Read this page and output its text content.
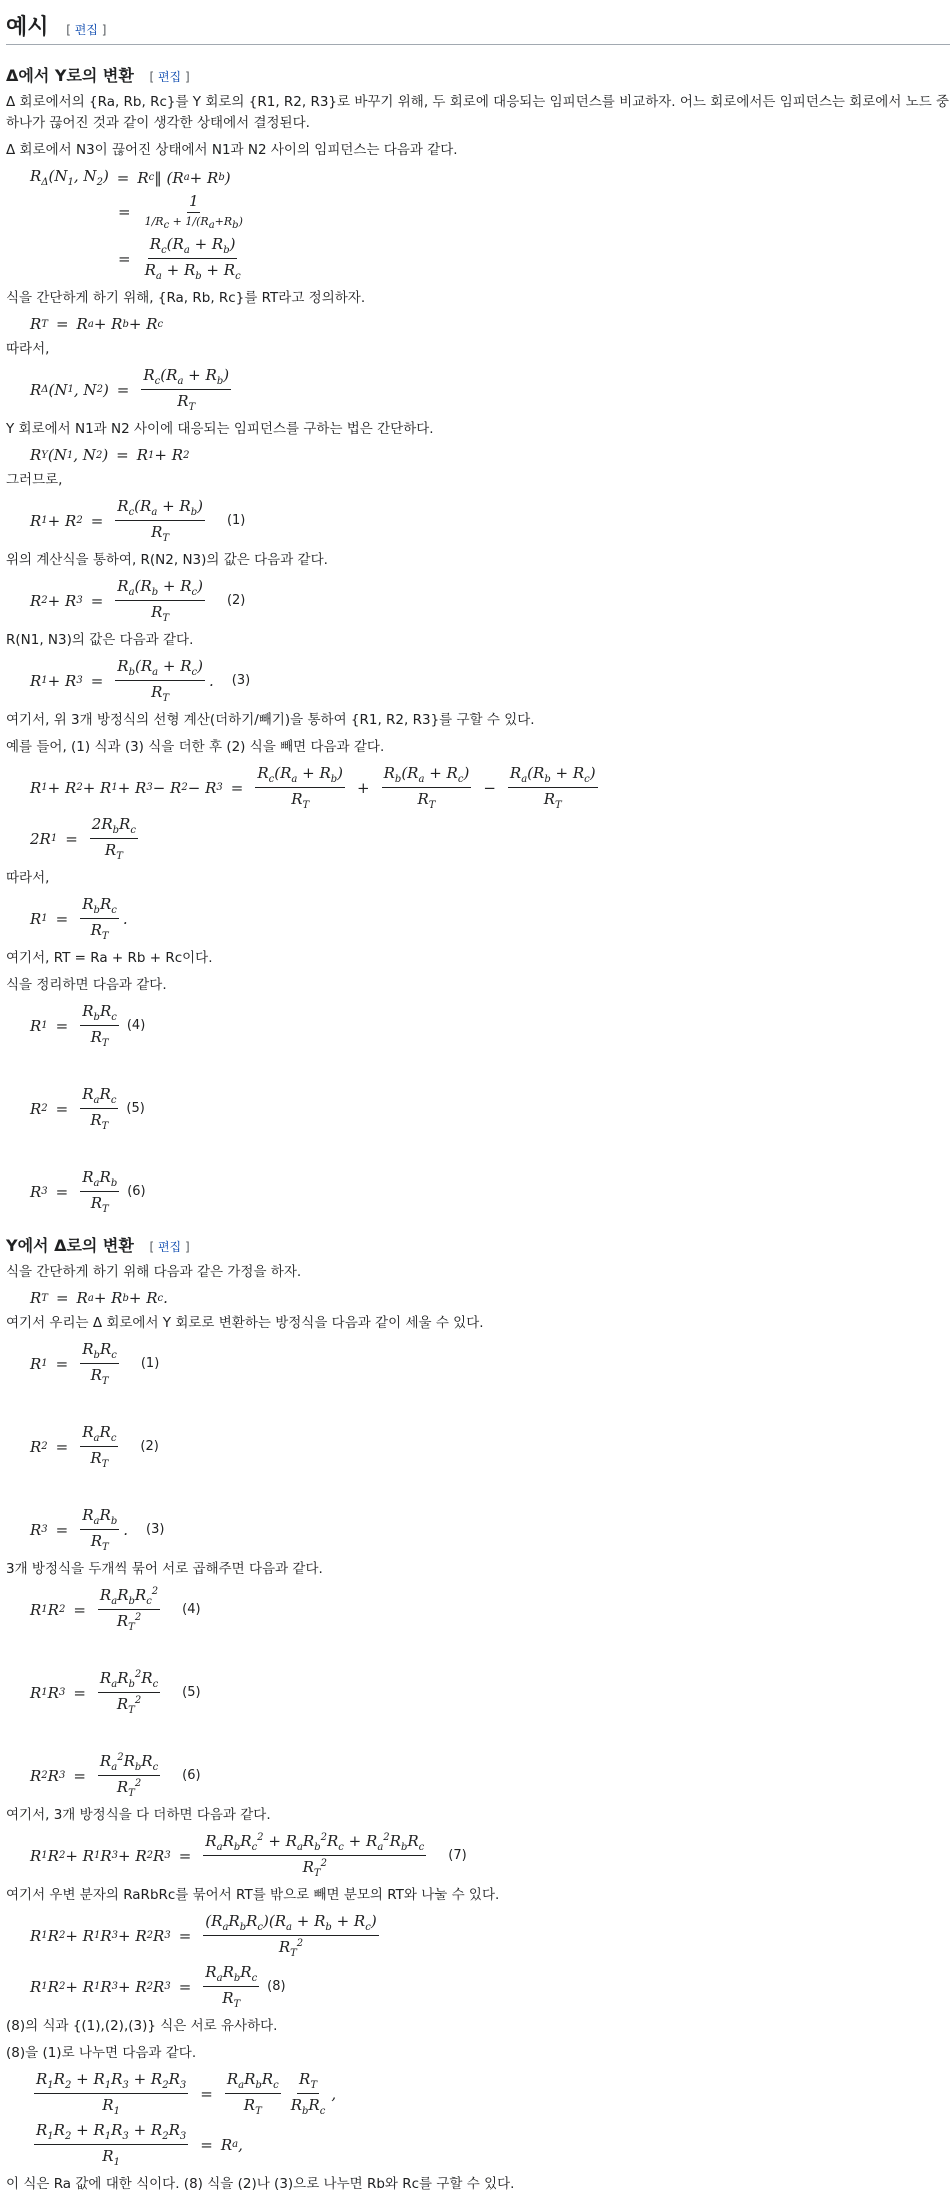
예시 [ 편집 ]
Δ에서 Y로의 변환 [ 편집 ]

Δ 회로에서의 {Ra, Rb, Rc}를 Y 회로의 {R1, R2, R3}로 바꾸기 위해, 두 회로에 대응되는 임피던스를 비교하자. 어느 회로에서든 임피던스는 회로에서 노드 중 하나가 끊어진 것과 같이 생각한 상태에서 결정된다.

Δ 회로에서 N3이 끊어진 상태에서 N1과 N2 사이의 임피던스는 다음과 같다.

$R_\Delta(N_1$, $N_2) = R$ c ‖ (R a + R b )
= $\frac{1}{1/R_c + 1/(R_a+R_b)}$
= $\frac{R_c(R_a + R_b)}{R_a + R_b + R_c}$

식을 간단하게 하기 위해, {Ra, Rb, Rc}를 RT라고 정의하자.

R T = R a + R b + R c

따라서,

R Δ (N 1 , N 2 ) = $\frac{R_c(R_a + R_b)}{R_T}$

Y 회로에서 N1과 N2 사이에 대응되는 임피던스를 구하는 법은 간단하다.

R Y (N 1 , N 2 ) = R 1 + R 2

그러므로,

R 1 + R $2 = \frac{R_c(R_a + R_b)}{R_T} (1)$

위의 계산식을 통하여, R(N2, N3)의 값은 다음과 같다.

R 2 + R $3 = \frac{R_a(R_b + R_c)}{R_T} (2)$

R(N1, N3)의 값은 다음과 같다.

R 1 + R $3 = \frac{R_b(R_a + R_c)}{R_T}$ . (3)

여기서, 위 3개 방정식의 선형 계산(더하기/빼기)을 통하여 {R1, R2, R3}를 구할 수 있다.

예를 들어, (1) 식과 (3) 식을 더한 후 (2) 식을 빼면 다음과 같다.

R 1 + R 2 + R 1 + R 3 − R 2 − R $3 = \frac{R_c(R_a + R_b)}{R_T} + \frac{R_b(R_a + R_c)}{R_T} - \frac{R_a(R_b + R_c)}{R_T}$
2R $1 = \frac{2R_bR_c}{R_T}$

따라서,

R $1 = \frac{R_bR_c}{R_T}$ .

여기서, RT = Ra + Rb + Rc이다.

식을 정리하면 다음과 같다.

R $1 = \frac{R_bR_c}{R_T} (4)$
R $2 = \frac{R_aR_c}{R_T} (5)$
R $3 = \frac{R_aR_b}{R_T} (6)$
Y에서 Δ로의 변환 [ 편집 ]

식을 간단하게 하기 위해 다음과 같은 가정을 하자.

R T = R a + R b + R c .

여기서 우리는 Δ 회로에서 Y 회로로 변환하는 방정식을 다음과 같이 세울 수 있다.

R $1 = \frac{R_bR_c}{R_T} (1)$
R $2 = \frac{R_aR_c}{R_T} (2)$
R $3 = \frac{R_aR_b}{R_T}$ . (3)

3개 방정식을 두개씩 묶어 서로 곱해주면 다음과 같다.

R 1 R $2 = \frac{R_aR_bR_c^2}{R_T^2} (4)$
R 1 R $3 = \frac{R_aR_b^2R_c}{R_T^2} (5)$
R 2 R $3 = \frac{R_a^2R_bR_c}{R_T^2} (6)$

여기서, 3개 방정식을 다 더하면 다음과 같다.

R 1 R 2 + R 1 R 3 + R 2 R $3 = \frac{R_aR_bR_c^2 + R_aR_b^2R_c + R_a^2R_bR_c}{R_T^2} (7)$

여기서 우변 분자의 RaRbRc를 묶어서 RT를 밖으로 빼면 분모의 RT와 나눌 수 있다.

R 1 R 2 + R 1 R 3 + R 2 R $3 = \frac{(R_aR_bR_c)(R_a + R_b + R_c)}{R_T^2}$
R 1 R 2 + R 1 R 3 + R 2 R $3 = \frac{R_aR_bR_c}{R_T} (8)$

(8)의 식과 {(1),(2),(3)} 식은 서로 유사하다.

(8)을 (1)로 나누면 다음과 같다.

$\frac{R_1R_2 + R_1R_3 + R_2R_3}{R_1} = \frac{R_aR_bR_c}{R_T} \frac{R_T}{R_bR_c}$ ,
$\frac{R_1R_2 + R_1R_3 + R_2R_3}{R_1} = R$ a ,

이 식은 Ra 값에 대한 식이다. (8) 식을 (2)나 (3)으로 나누면 Rb와 Rc를 구할 수 있다.
